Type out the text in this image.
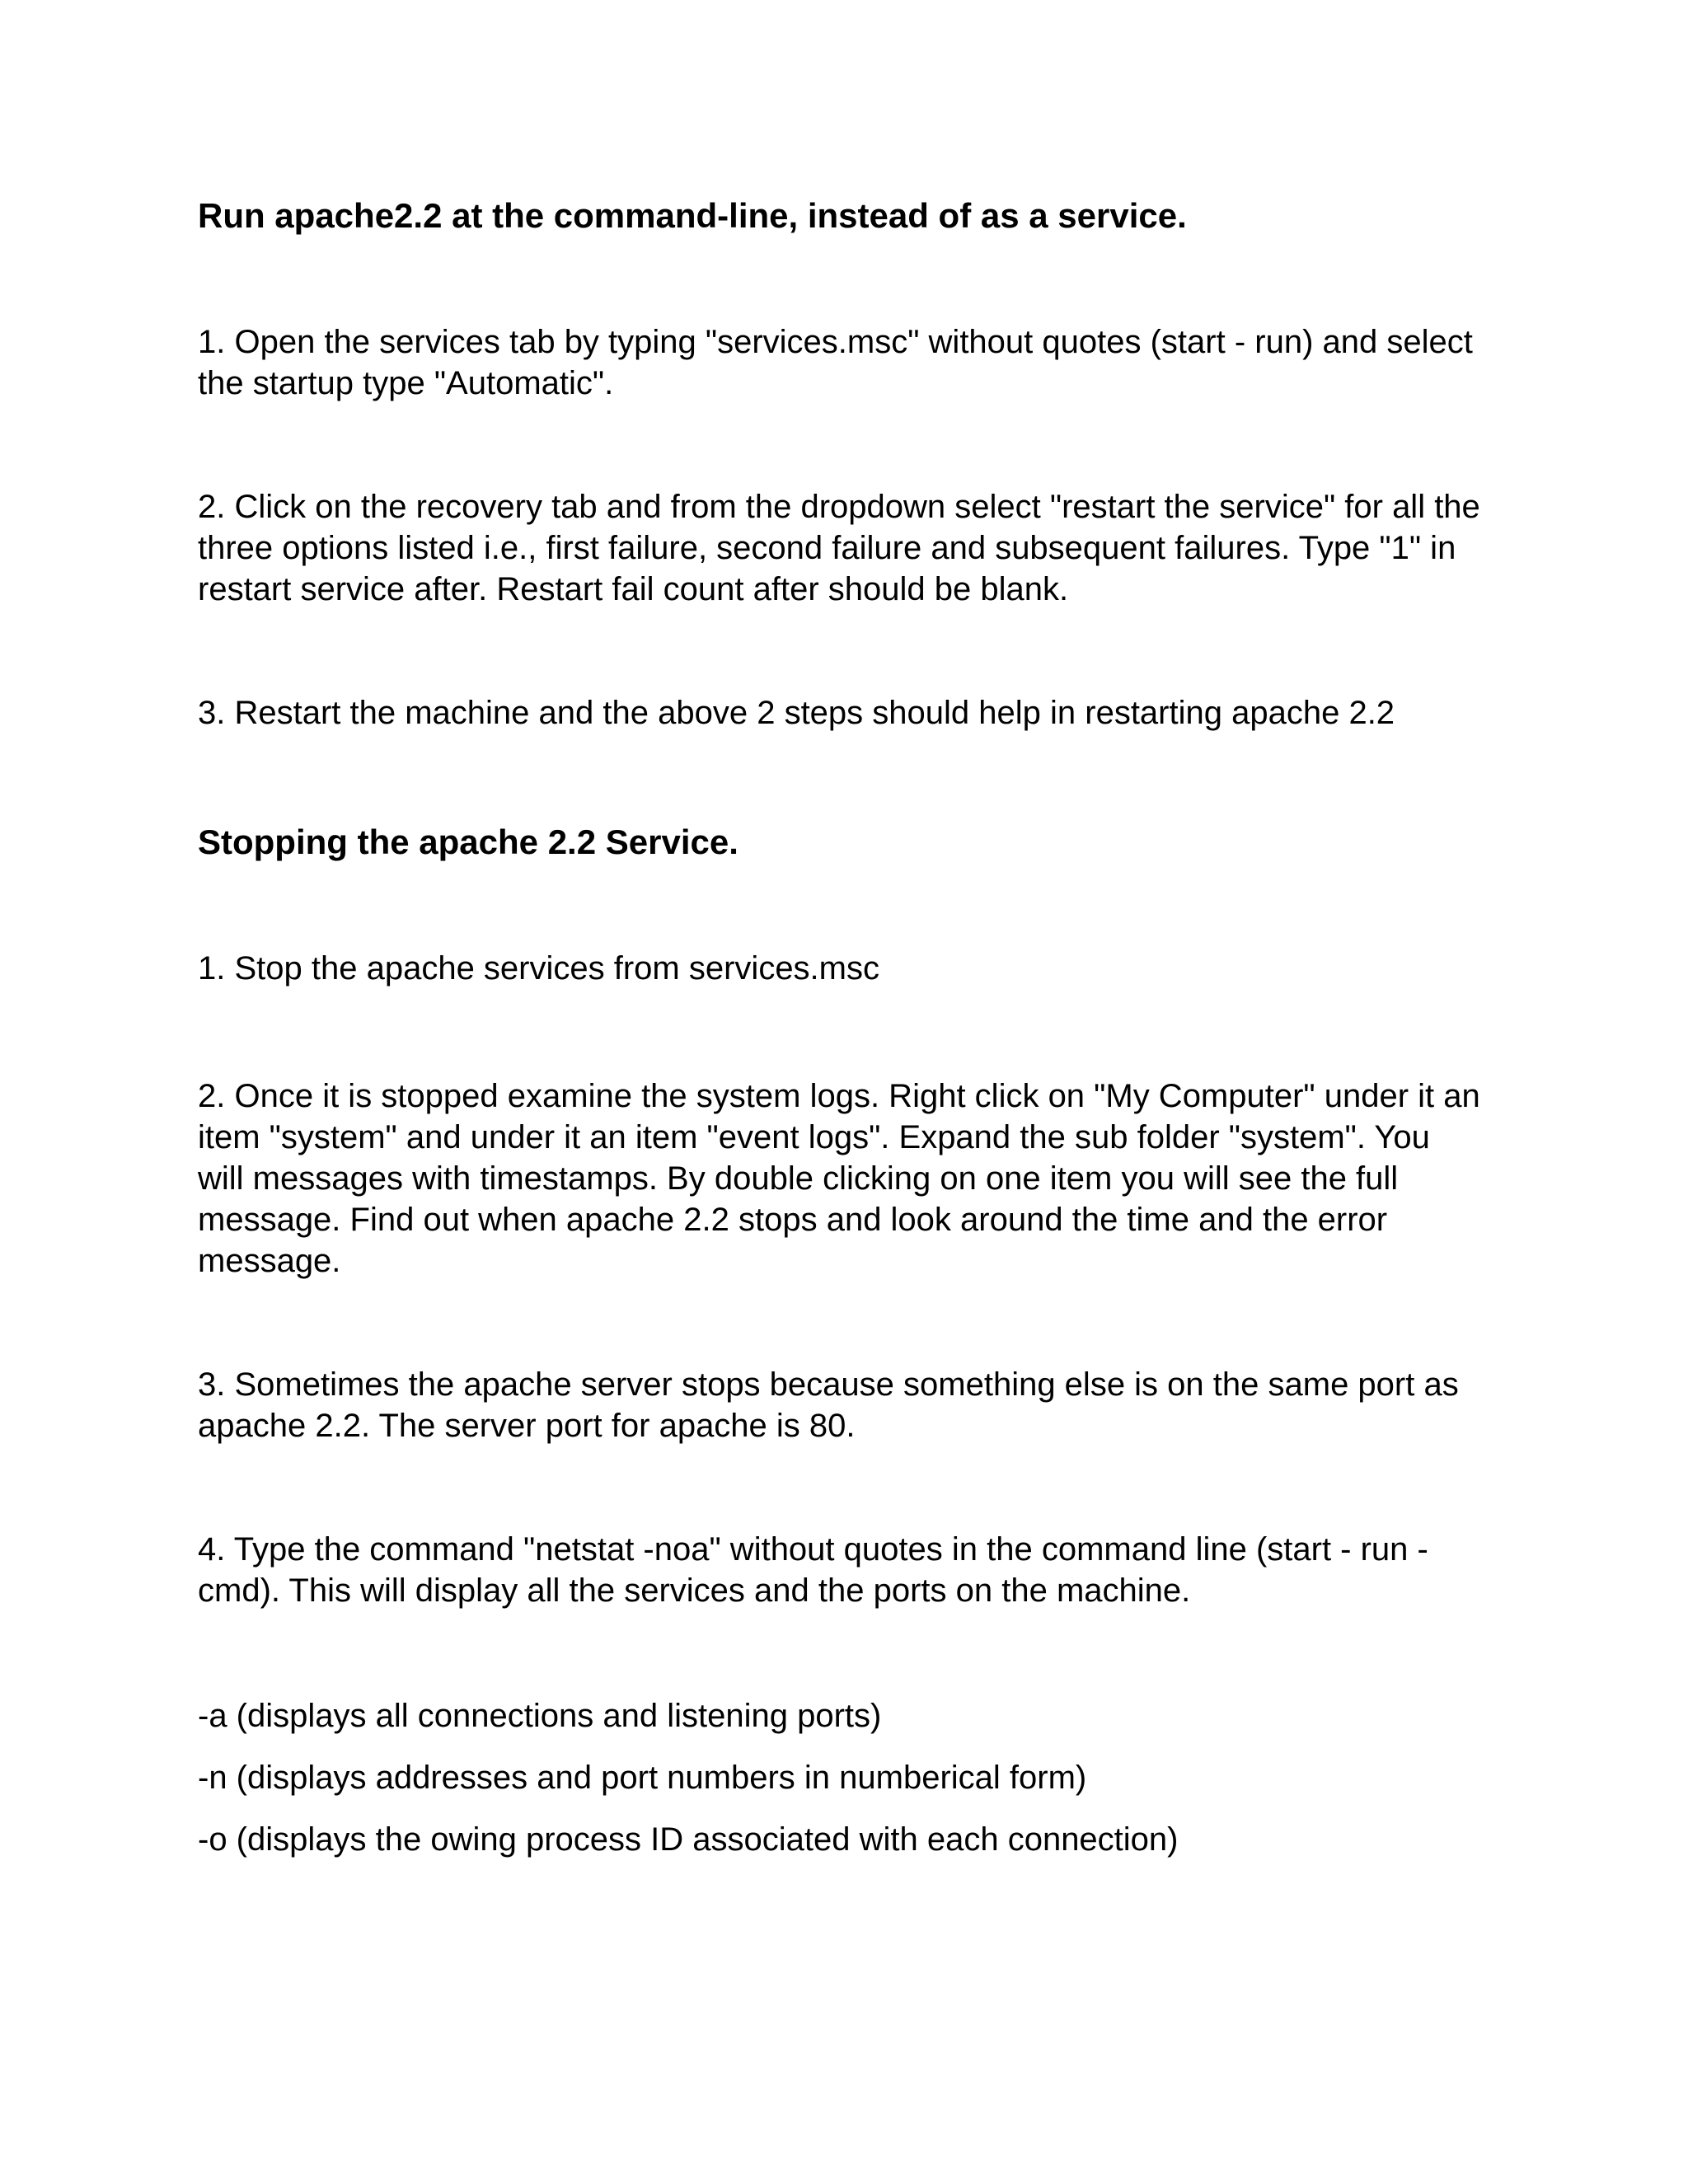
Run apache2.2 at the command-line, instead of as a service.

1. Open the services tab by typing "services.msc" without quotes (start - run) and select
the startup type "Automatic".

2. Click on the recovery tab and from the dropdown select "restart the service" for all the
three options listed i.e., first failure, second failure and subsequent failures. Type "1" in
restart service after. Restart fail count after should be blank.

3. Restart the machine and the above 2 steps should help in restarting apache 2.2

Stopping the apache 2.2 Service.

1. Stop the apache services from services.msc

2. Once it is stopped examine the system logs. Right click on "My Computer" under it an
item "system" and under it an item "event logs". Expand the sub folder "system". You
will messages with timestamps. By double clicking on one item you will see the full
message. Find out when apache 2.2 stops and look around the time and the error
message.

3. Sometimes the apache server stops because something else is on the same port as
apache 2.2. The server port for apache is 80.

4. Type the command "netstat -noa" without quotes in the command line (start - run -
cmd). This will display all the services and the ports on the machine.

-a (displays all connections and listening ports)

-n (displays addresses and port numbers in numberical form)

-o (displays the owing process ID associated with each connection)
